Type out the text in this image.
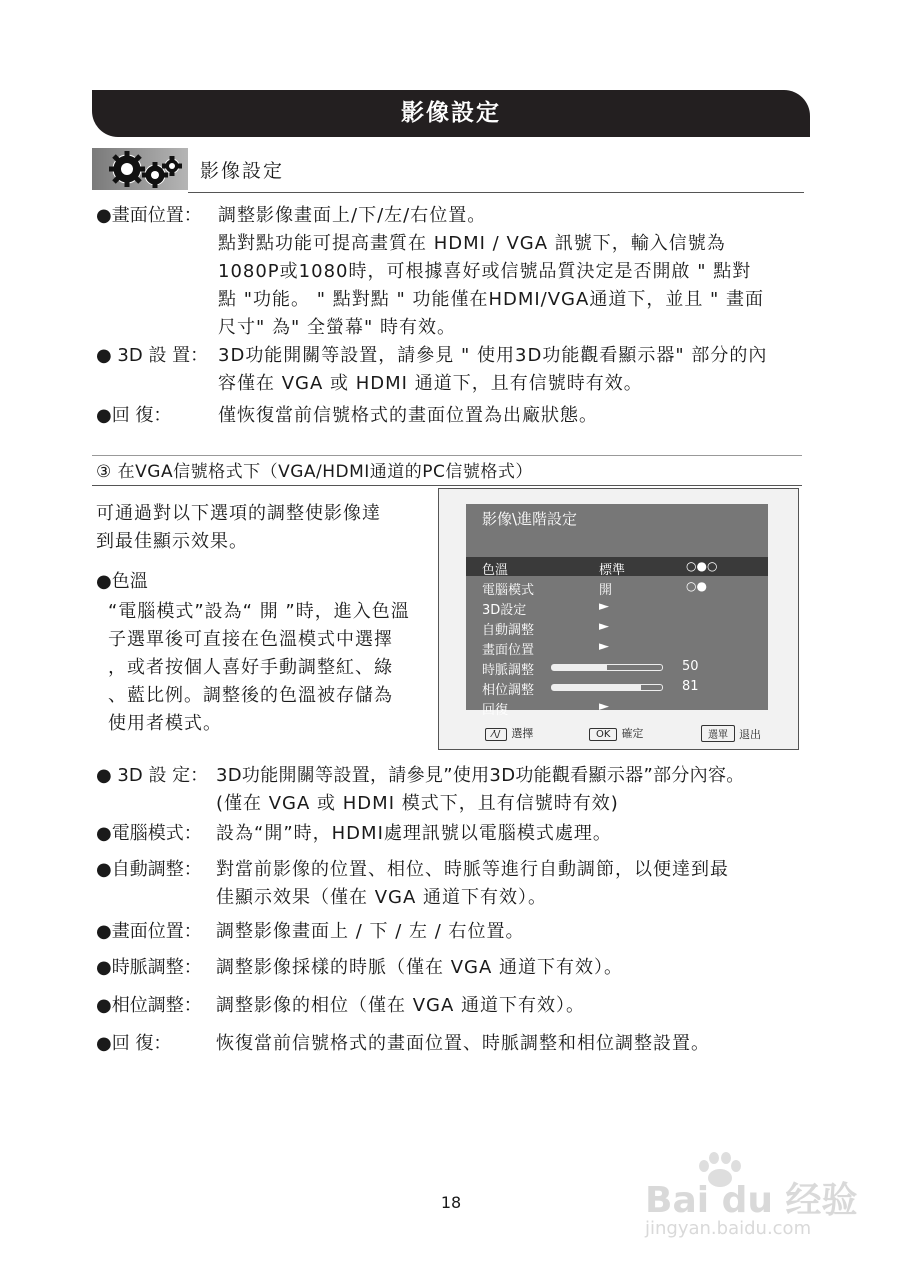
影像設定
影像設定
●畫面位置： 調整影像畫面上/下/左/右位置。
點對點功能可提高畫質在 HDMI / VGA 訊號下，輸入信號為
1080P或1080時，可根據喜好或信號品質決定是否開啟 " 點對
點 "功能。 " 點對點 " 功能僅在HDMI/VGA通道下，並且 " 畫面
尺寸" 為" 全螢幕" 時有效。
● 3D 設 置： 3D功能開關等設置，請參見 " 使用3D功能觀看顯示器" 部分的內
容僅在 VGA 或 HDMI 通道下，且有信號時有效。
●回 復：	僅恢復當前信號格式的畫面位置為出廠狀態。
③ 在VGA信號格式下（VGA/HDMI通道的PC信號格式）
可通過對以下選項的調整使影像達
到最佳顯示效果。
●色溫
“電腦模式”設為“ 開 ”時，進入色溫
子選單後可直接在色溫模式中選擇
，或者按個人喜好手動調整紅、綠
、藍比例。調整後的色溫被存儲為
使用者模式。
影像\進階設定
色溫	標準	○●○
電腦模式	開	○●
3D設定	►
自動調整	►
畫面位置	►
時脈調整	50
相位調整	81
回復	►
⁄\/ 選擇	OK 確定	選單 退出
● 3D 設 定： 3D功能開關等設置，請參見”使用3D功能觀看顯示器”部分內容。
(僅在 VGA 或 HDMI 模式下，且有信號時有效)
●電腦模式： 設為“開”時，HDMI處理訊號以電腦模式處理。
●自動調整： 對當前影像的位置、相位、時脈等進行自動調節，以便達到最
佳顯示效果（僅在 VGA 通道下有效）。
●畫面位置： 調整影像畫面上 / 下 / 左 / 右位置。
●時脈調整： 調整影像採樣的時脈（僅在 VGA 通道下有效）。
●相位調整： 調整影像的相位（僅在 VGA 通道下有效）。
●回 復： 恢復當前信號格式的畫面位置、時脈調整和相位調整設置。
18	Bai du 经验
jingyan.baidu.com
